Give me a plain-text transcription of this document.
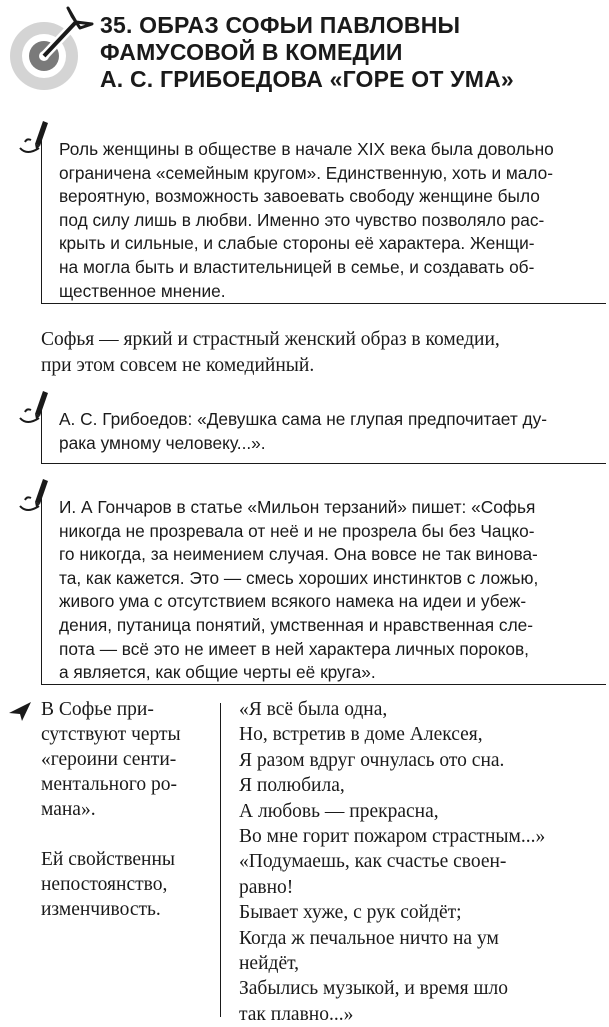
35. ОБРАЗ СОФЬИ ПАВЛОВНЫ
ФАМУСОВОЙ В КОМЕДИИ
А. С. ГРИБОЕДОВА «ГОРЕ ОТ УМА»
Роль женщины в обществе в начале XIX века была довольно
ограничена «семейным кругом». Единственную, хоть и мало-
вероятную, возможность завоевать свободу женщине было
под силу лишь в любви. Именно это чувство позволяло рас-
крыть и сильные, и слабые стороны её характера. Женщи-
на могла быть и властительницей в семье, и создавать об-
щественное мнение.
Софья — яркий и страстный женский образ в комедии,
при этом совсем не комедийный.
А. С. Грибоедов: «Девушка сама не глупая предпочитает ду-
рака умному человеку...».
И. А Гончаров в статье «Мильон терзаний» пишет: «Софья
никогда не прозревала от неё и не прозрела бы без Чацко-
го никогда, за неимением случая. Она вовсе не так винова-
та, как кажется. Это — смесь хороших инстинктов с ложью,
живого ума с отсутствием всякого намека на идеи и убеж-
дения, путаница понятий, умственная и нравственная сле-
пота — всё это не имеет в ней характера личных пороков,
а является, как общие черты её круга».
В Софье при-
сутствуют черты
«героини сенти-
ментального ро-
мана».
Ей свойственны
непостоянство,
изменчивость.
«Я всё была одна,
Но, встретив в доме Алексея,
Я разом вдруг очнулась ото сна.
Я полюбила,
А любовь — прекрасна,
Во мне горит пожаром страстным...»
«Подумаешь, как счастье своен-
равно!
Бывает хуже, с рук сойдёт;
Когда ж печальное ничто на ум
нейдёт,
Забылись музыкой, и время шло
так плавно...»
